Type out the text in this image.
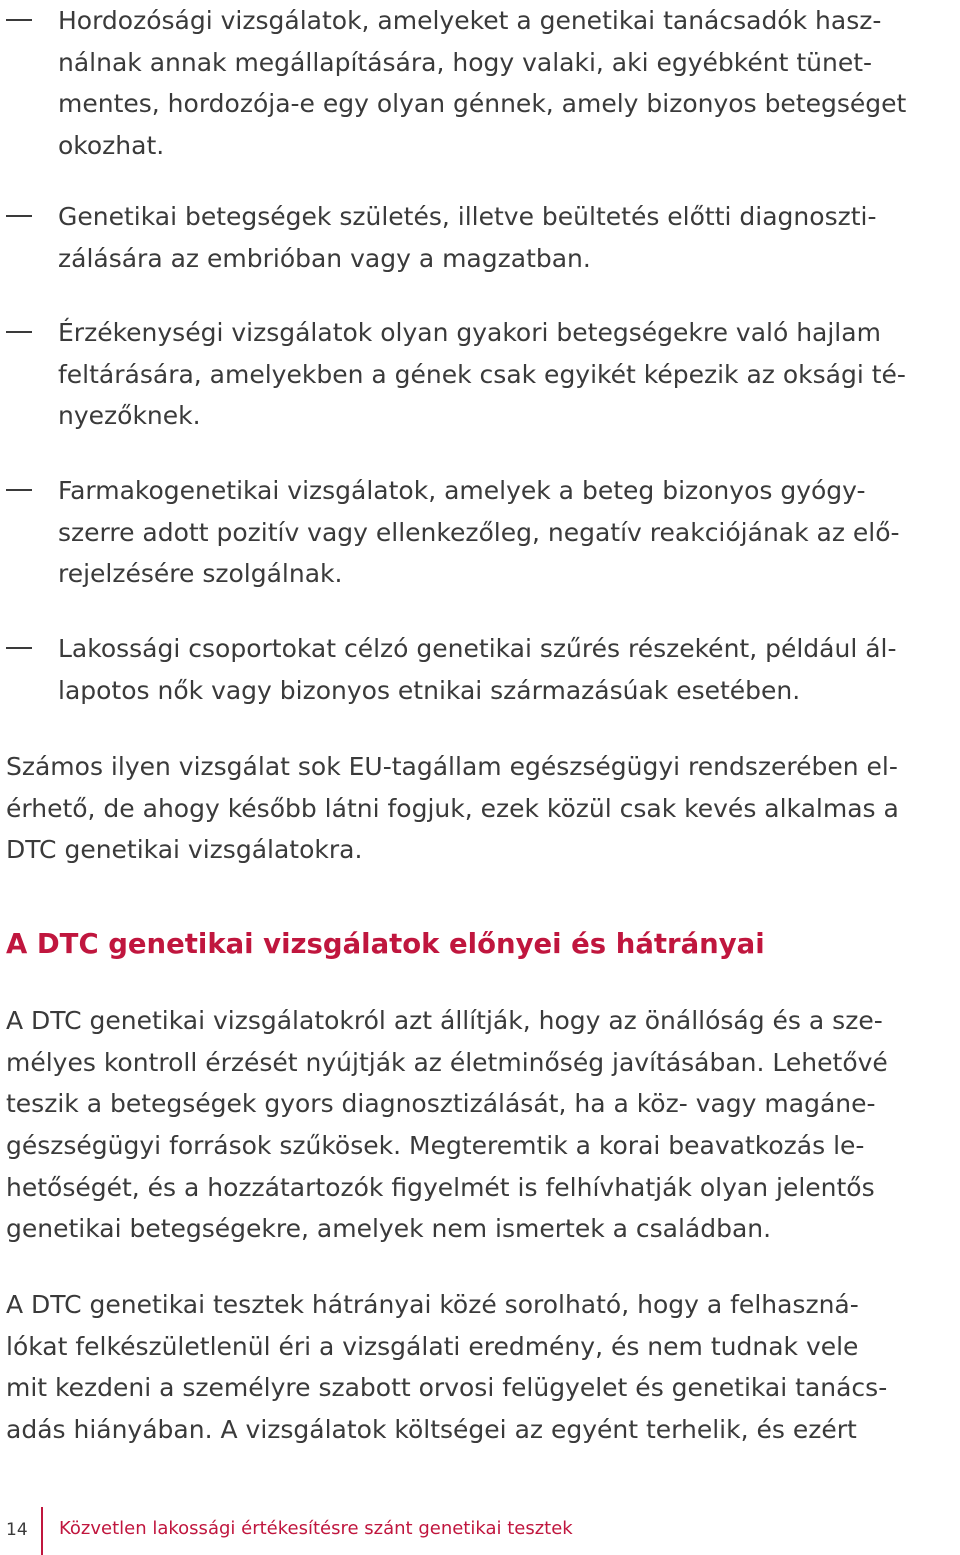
Hordozósági vizsgálatok, amelyeket a genetikai tanácsadók hasz-
nálnak annak megállapítására, hogy valaki, aki egyébként tünet-
mentes, hordozója-e egy olyan génnek, amely bizonyos betegséget
okozhat.
Genetikai betegségek születés, illetve beültetés előtti diagnoszti-
zálására az embrióban vagy a magzatban.
Érzékenységi vizsgálatok olyan gyakori betegségekre való hajlam
feltárására, amelyekben a gének csak egyikét képezik az oksági té-
nyezőknek.
Farmakogenetikai vizsgálatok, amelyek a beteg bizonyos gyógy-
szerre adott pozitív vagy ellenkezőleg, negatív reakciójának az elő-
rejelzésére szolgálnak.
Lakossági csoportokat célzó genetikai szűrés részeként, például ál-
lapotos nők vagy bizonyos etnikai származásúak esetében.
Számos ilyen vizsgálat sok EU-tagállam egészségügyi rendszerében el-
érhető, de ahogy később látni fogjuk, ezek közül csak kevés alkalmas a
DTC genetikai vizsgálatokra.
A DTC genetikai vizsgálatok előnyei és hátrányai
A DTC genetikai vizsgálatokról azt állítják, hogy az önállóság és a sze-
mélyes kontroll érzését nyújtják az életminőség javításában. Lehetővé
teszik a betegségek gyors diagnosztizálását, ha a köz- vagy magáne-
gészségügyi források szűkösek. Megteremtik a korai beavatkozás le-
hetőségét, és a hozzátartozók figyelmét is felhívhatják olyan jelentős
genetikai betegségekre, amelyek nem ismertek a családban.
A DTC genetikai tesztek hátrányai közé sorolható, hogy a felhaszná-
lókat felkészületlenül éri a vizsgálati eredmény, és nem tudnak vele
mit kezdeni a személyre szabott orvosi felügyelet és genetikai tanács-
adás hiányában. A vizsgálatok költségei az egyént terhelik, és ezért
14 Közvetlen lakossági értékesítésre szánt genetikai tesztek
